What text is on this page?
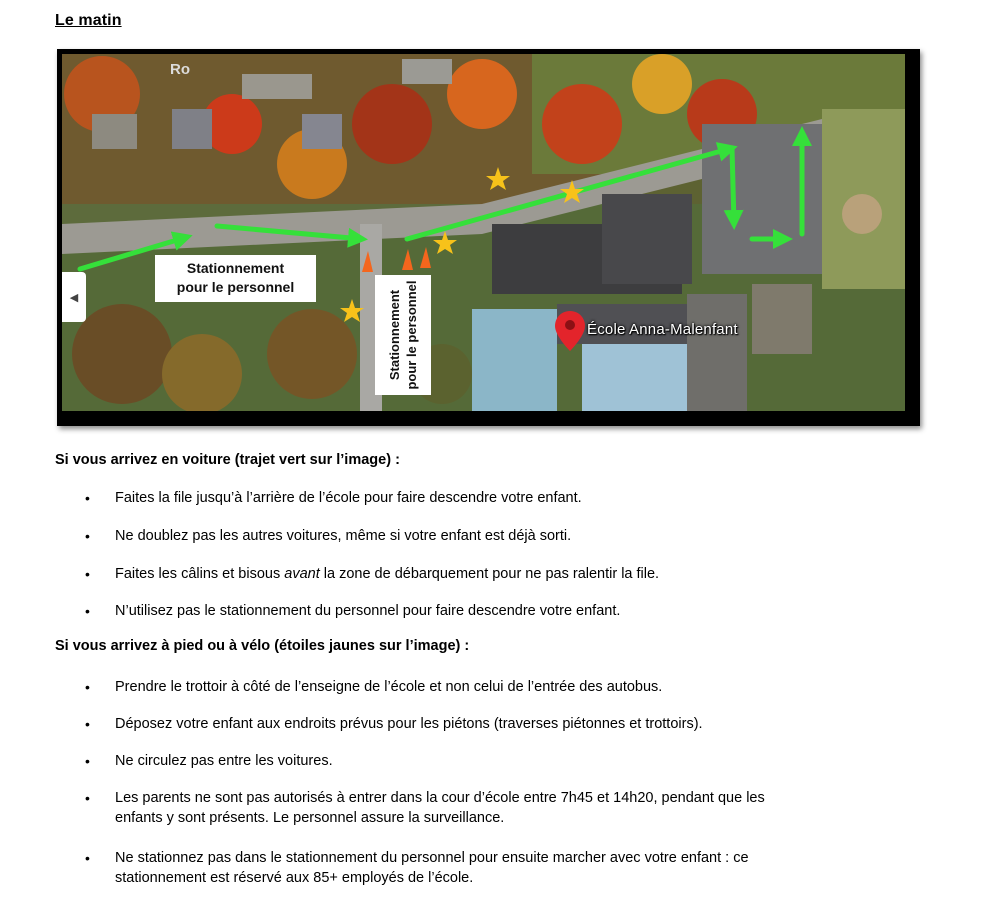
Le matin
Ro
◀
Stationnement
pour le personnel
Stationnement pour le personnel	École Anna-Malenfant
Si vous arrivez en voiture (trajet vert sur l’image) :
• Faites la file jusqu’à l’arrière de l’école pour faire descendre votre enfant.
• Ne doublez pas les autres voitures, même si votre enfant est déjà sorti.
• Faites les câlins et bisous avant la zone de débarquement pour ne pas ralentir la file.
• N’utilisez pas le stationnement du personnel pour faire descendre votre enfant.
Si vous arrivez à pied ou à vélo (étoiles jaunes sur l’image) :
• Prendre le trottoir à côté de l’enseigne de l’école et non celui de l’entrée des autobus.
• Déposez votre enfant aux endroits prévus pour les piétons (traverses piétonnes et trottoirs).
• Ne circulez pas entre les voitures.
• Les parents ne sont pas autorisés à entrer dans la cour d’école entre 7h45 et 14h20, pendant que les
enfants y sont présents. Le personnel assure la surveillance.
• Ne stationnez pas dans le stationnement du personnel pour ensuite marcher avec votre enfant : ce
stationnement est réservé aux 85+ employés de l’école.
